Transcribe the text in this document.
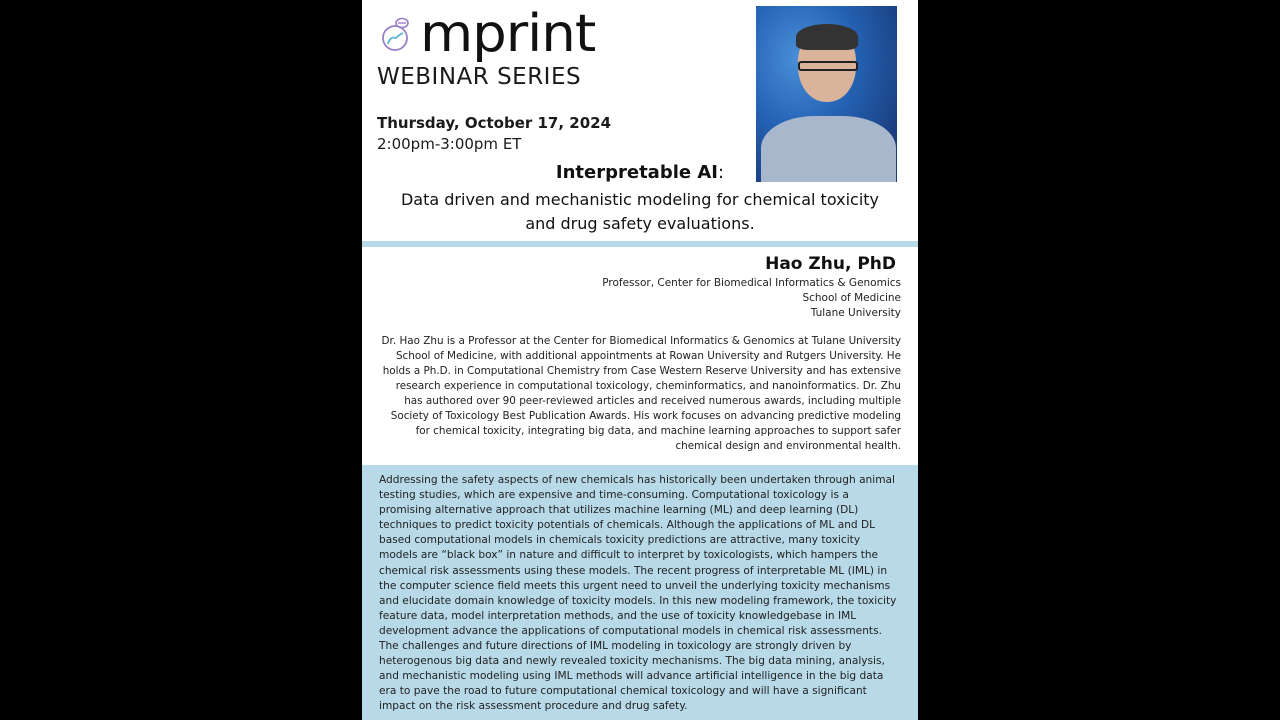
mprint
WEBINAR SERIES
Thursday, October 17, 2024
2:00pm-3:00pm ET
Interpretable AI:
Data driven and mechanistic modeling for chemical toxicity
and drug safety evaluations.
Hao Zhu, PhD
Professor, Center for Biomedical Informatics & Genomics
School of Medicine
Tulane University
Dr. Hao Zhu is a Professor at the Center for Biomedical Informatics & Genomics at Tulane University School of Medicine, with additional appointments at Rowan University and Rutgers University. He holds a Ph.D. in Computational Chemistry from Case Western Reserve University and has extensive research experience in computational toxicology, cheminformatics, and nanoinformatics. Dr. Zhu has authored over 90 peer-reviewed articles and received numerous awards, including multiple Society of Toxicology Best Publication Awards. His work focuses on advancing predictive modeling for chemical toxicity, integrating big data, and machine learning approaches to support safer chemical design and environmental health.

Addressing the safety aspects of new chemicals has historically been undertaken through animal testing studies, which are expensive and time-consuming. Computational toxicology is a promising alternative approach that utilizes machine learning (ML) and deep learning (DL) techniques to predict toxicity potentials of chemicals. Although the applications of ML and DL based computational models in chemicals toxicity predictions are attractive, many toxicity models are “black box” in nature and difficult to interpret by toxicologists, which hampers the chemical risk assessments using these models. The recent progress of interpretable ML (IML) in the computer science field meets this urgent need to unveil the underlying toxicity mechanisms and elucidate domain knowledge of toxicity models. In this new modeling framework, the toxicity feature data, model interpretation methods, and the use of toxicity knowledgebase in IML development advance the applications of computational models in chemical risk assessments. The challenges and future directions of IML modeling in toxicology are strongly driven by heterogenous big data and newly revealed toxicity mechanisms. The big data mining, analysis, and mechanistic modeling using IML methods will advance artificial intelligence in the big data era to pave the road to future computational chemical toxicology and will have a significant impact on the risk assessment procedure and drug safety.
